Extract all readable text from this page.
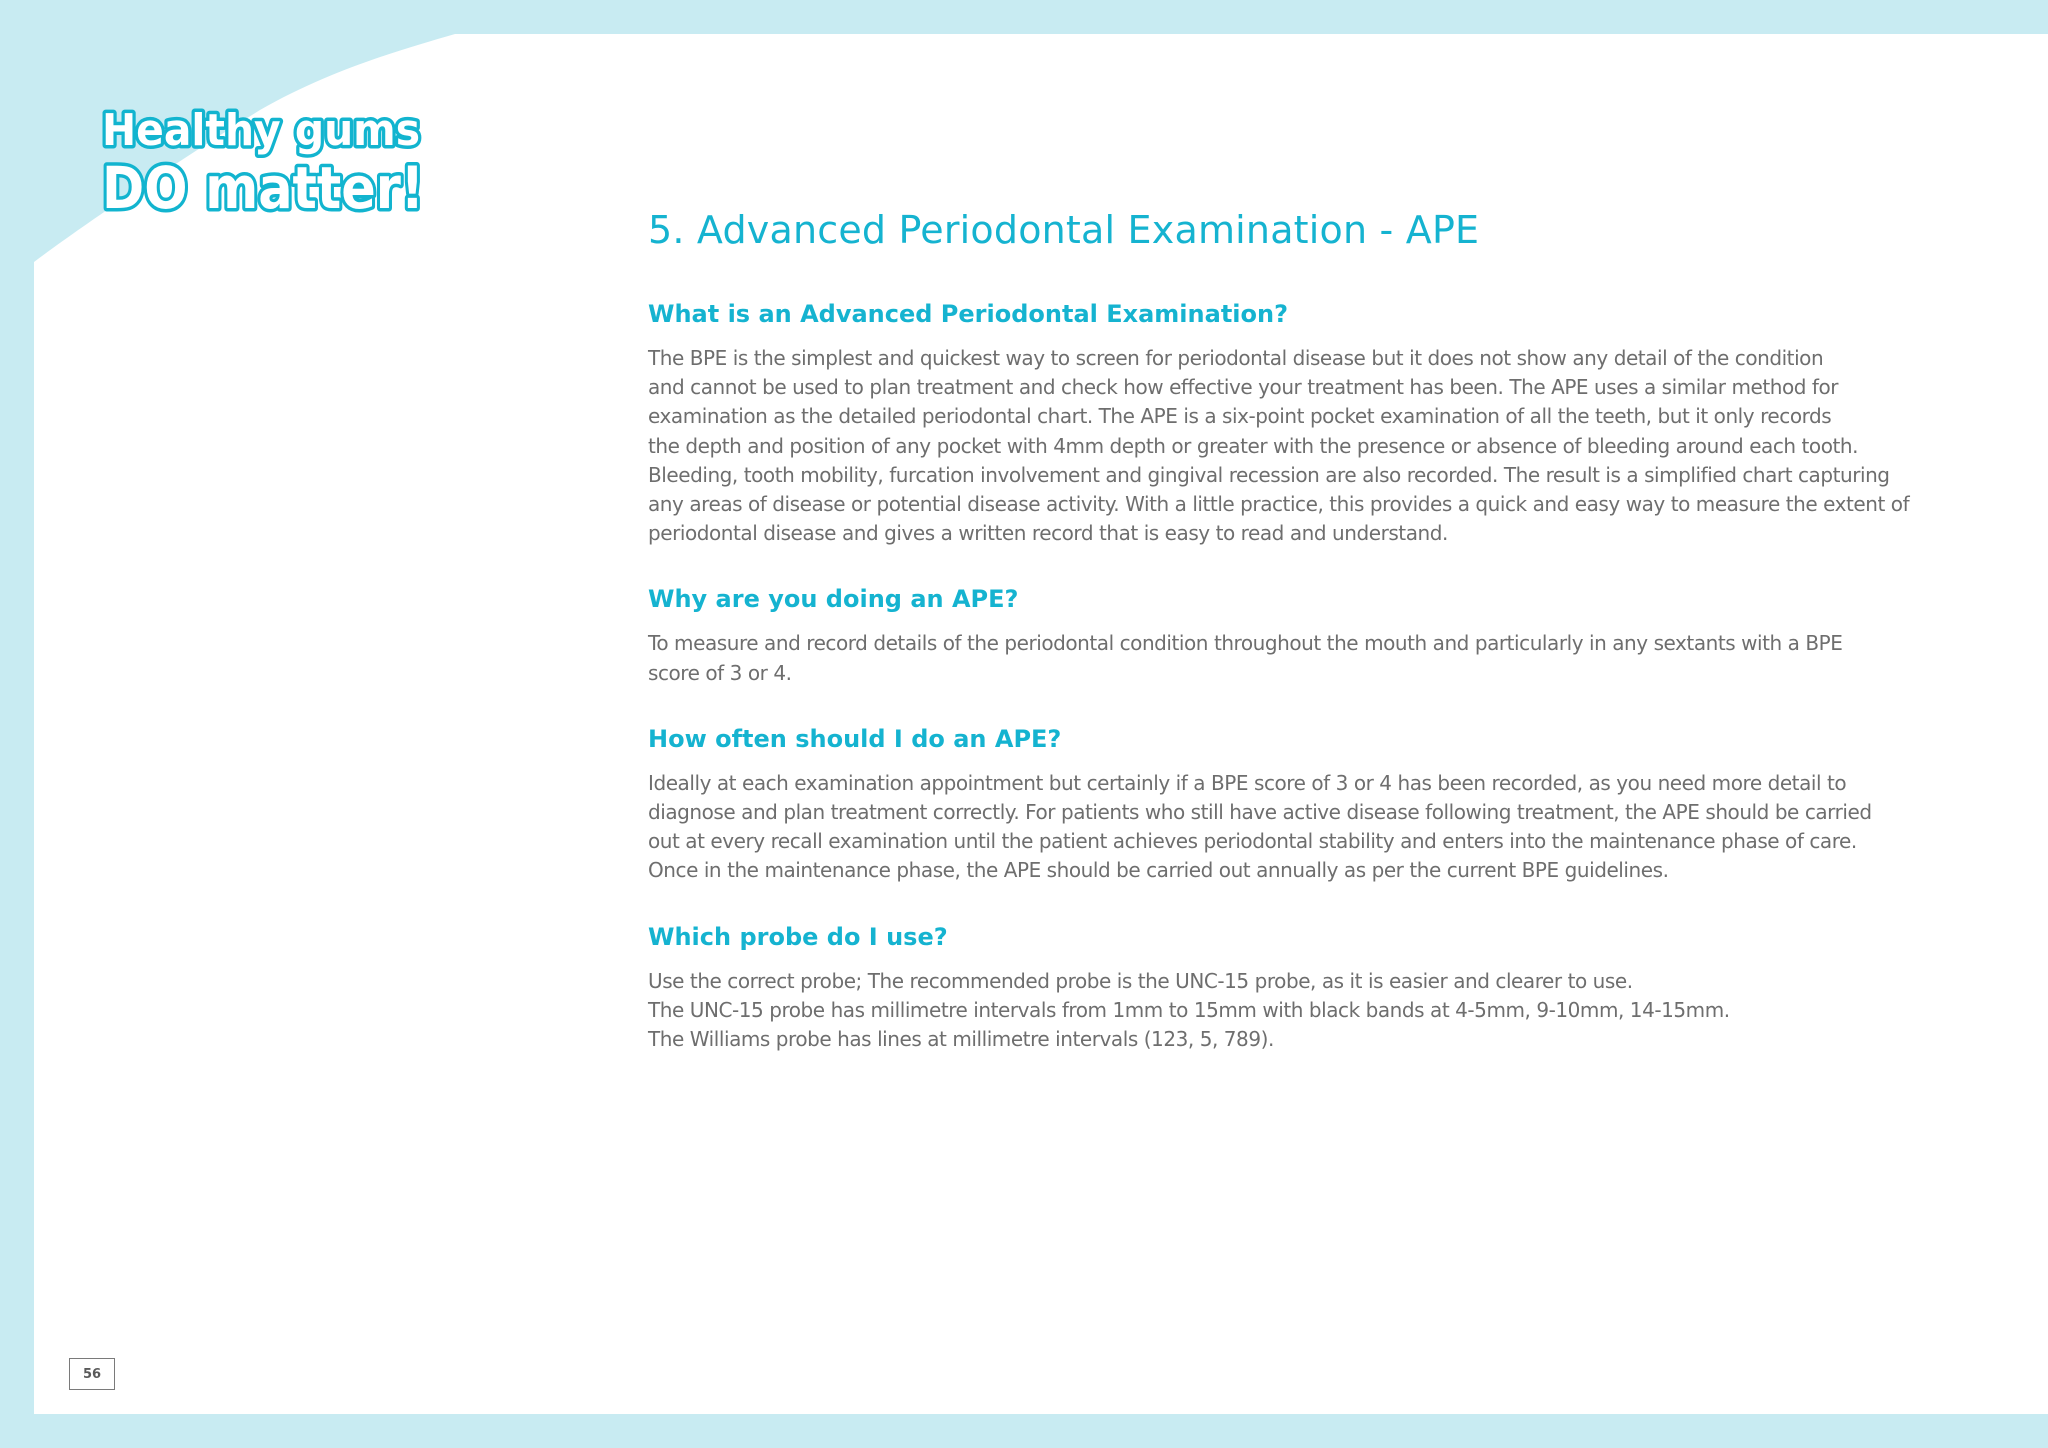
Healthy gums
DO matter!
5. Advanced Periodontal Examination - APE
What is an Advanced Periodontal Examination?

The BPE is the simplest and quickest way to screen for periodontal disease but it does not show any detail of the condition
and cannot be used to plan treatment and check how effective your treatment has been. The APE uses a similar method for
examination as the detailed periodontal chart. The APE is a six-point pocket examination of all the teeth, but it only records
the depth and position of any pocket with 4mm depth or greater with the presence or absence of bleeding around each tooth.
Bleeding, tooth mobility, furcation involvement and gingival recession are also recorded. The result is a simplified chart capturing
any areas of disease or potential disease activity. With a little practice, this provides a quick and easy way to measure the extent of
periodontal disease and gives a written record that is easy to read and understand.

Why are you doing an APE?

To measure and record details of the periodontal condition throughout the mouth and particularly in any sextants with a BPE
score of 3 or 4.

How often should I do an APE?

Ideally at each examination appointment but certainly if a BPE score of 3 or 4 has been recorded, as you need more detail to
diagnose and plan treatment correctly. For patients who still have active disease following treatment, the APE should be carried
out at every recall examination until the patient achieves periodontal stability and enters into the maintenance phase of care.
Once in the maintenance phase, the APE should be carried out annually as per the current BPE guidelines.

Which probe do I use?

Use the correct probe; The recommended probe is the UNC-15 probe, as it is easier and clearer to use.
The UNC-15 probe has millimetre intervals from 1mm to 15mm with black bands at 4-5mm, 9-10mm, 14-15mm.
The Williams probe has lines at millimetre intervals (123, 5, 789).

56
